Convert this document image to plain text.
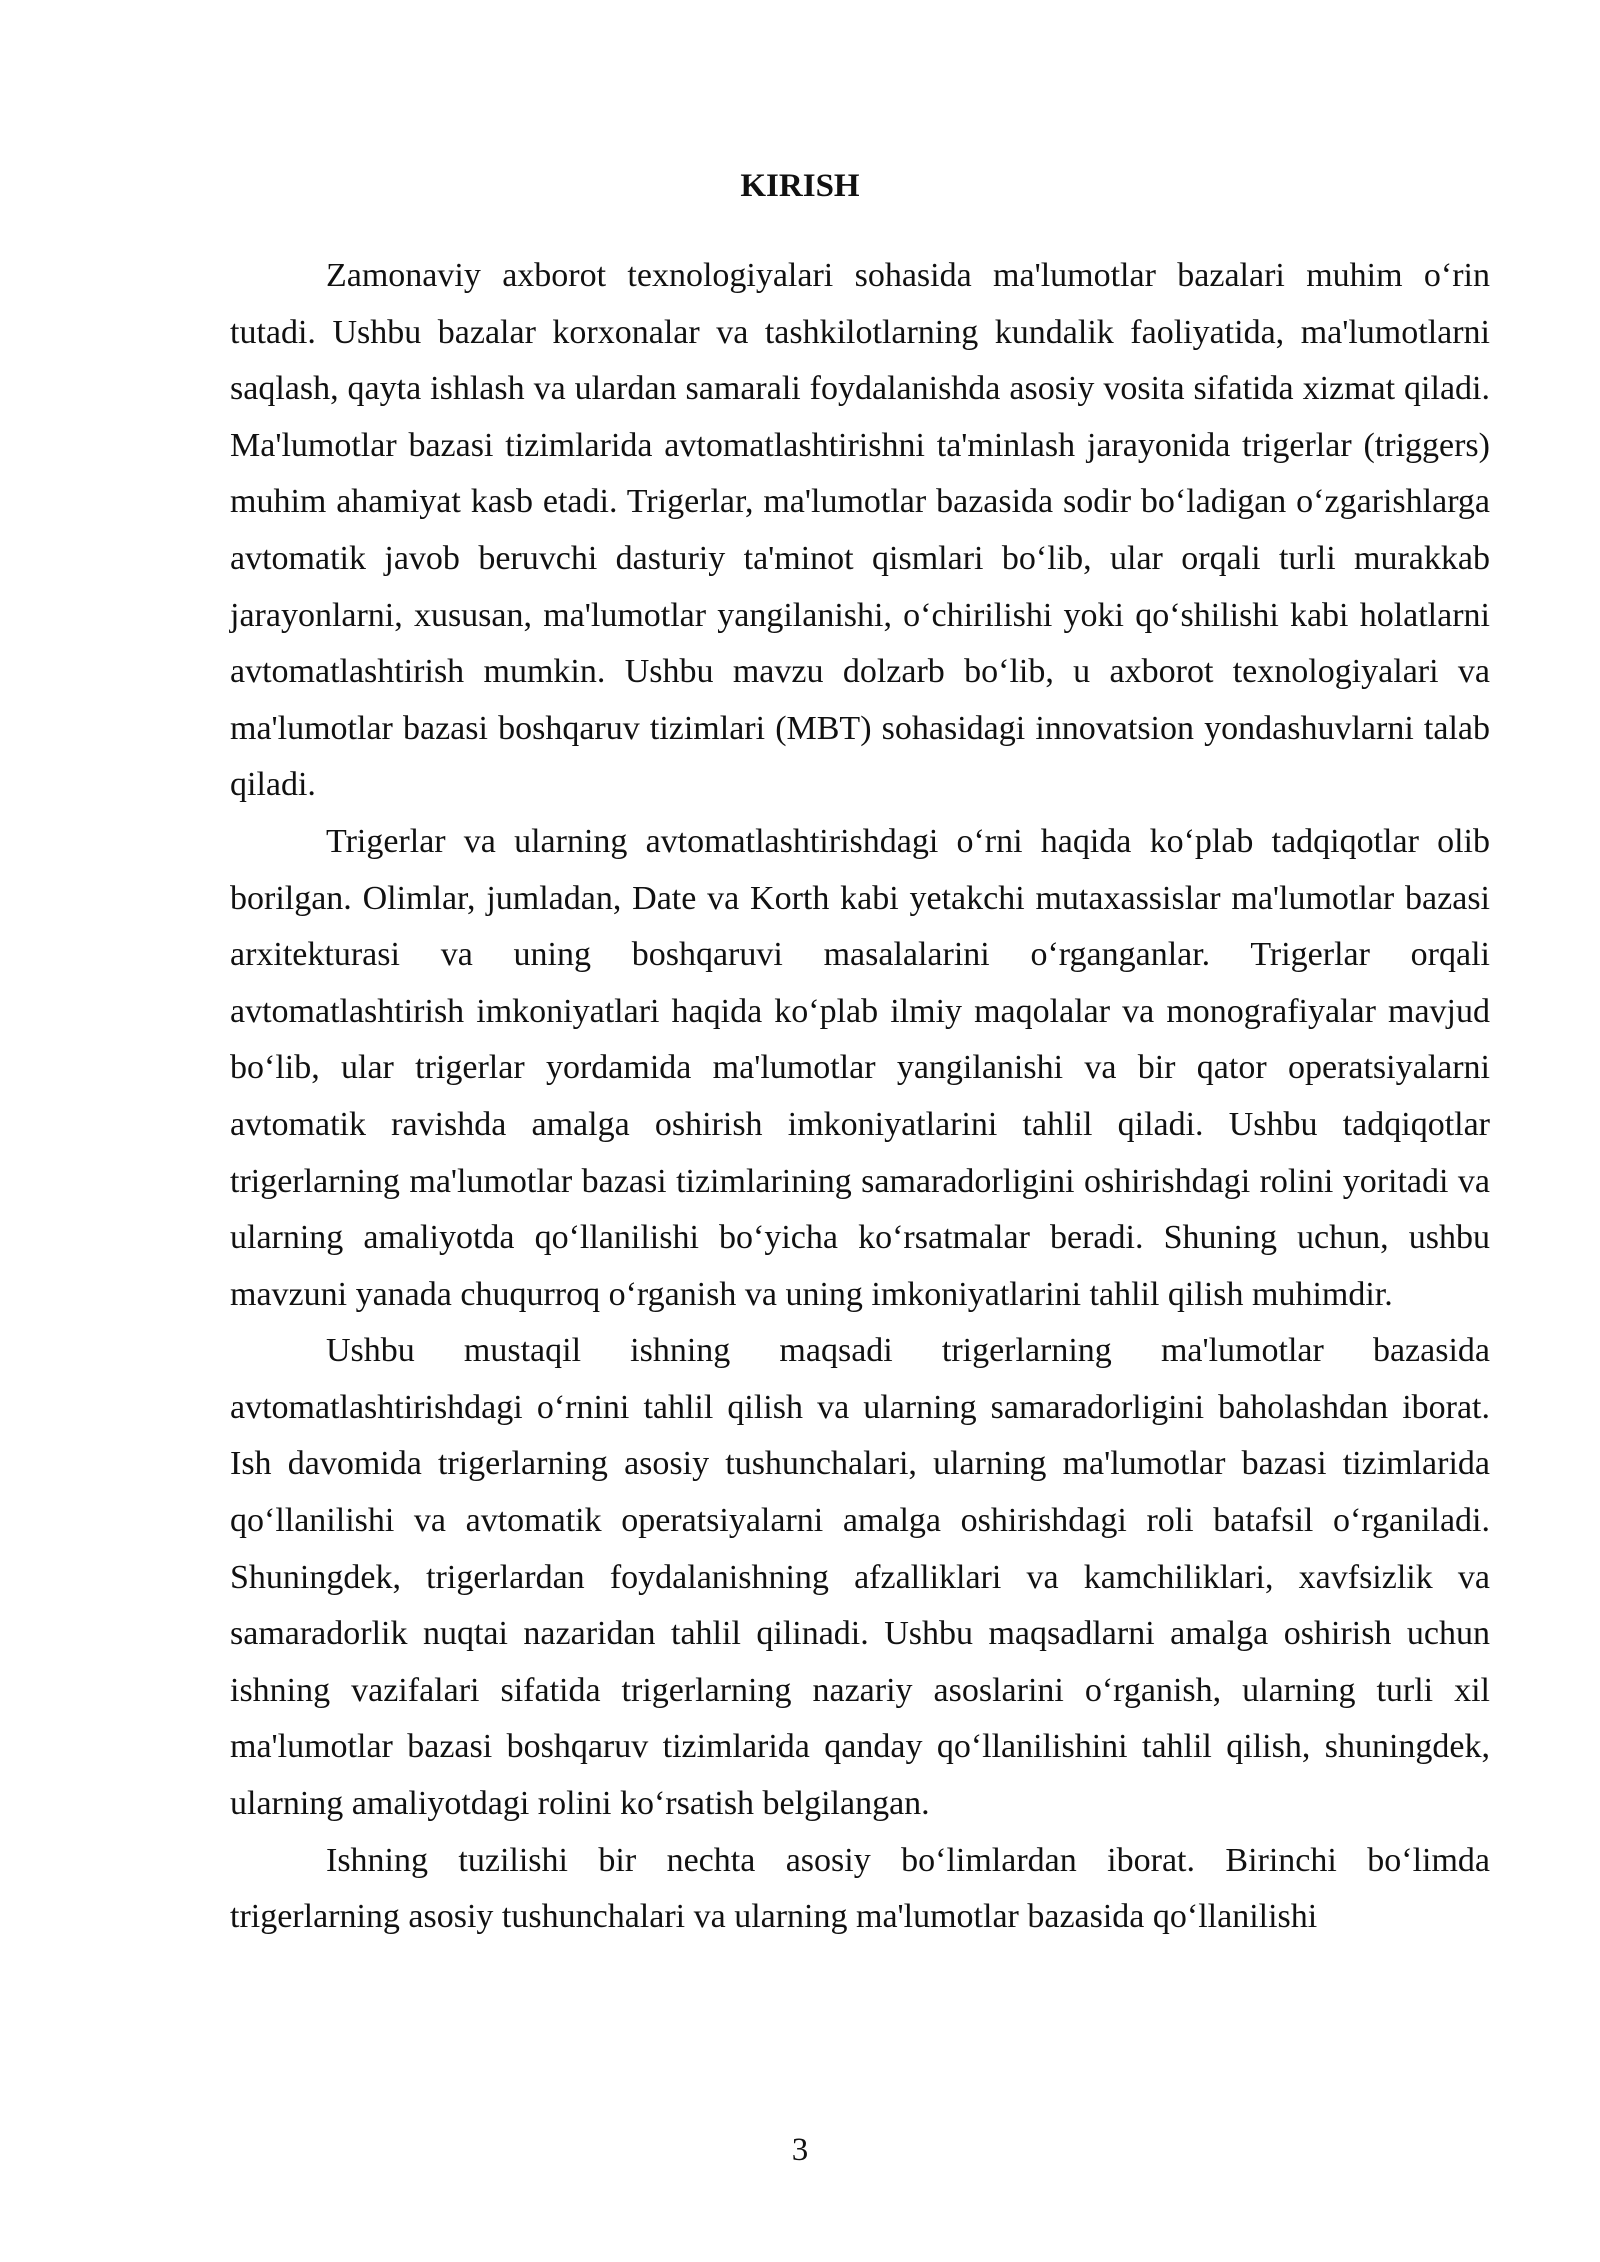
KIRISH

Zamonaviy axborot texnologiyalari sohasida ma'lumotlar bazalari muhim o‘rin tutadi. Ushbu bazalar korxonalar va tashkilotlarning kundalik faoliyatida, ma'lumotlarni saqlash, qayta ishlash va ulardan samarali foydalanishda asosiy vosita sifatida xizmat qiladi. Ma'lumotlar bazasi tizimlarida avtomatlashtirishni ta'minlash jarayonida trigerlar (triggers) muhim ahamiyat kasb etadi. Trigerlar, ma'lumotlar bazasida sodir bo‘ladigan o‘zgarishlarga avtomatik javob beruvchi dasturiy ta'minot qismlari bo‘lib, ular orqali turli murakkab jarayonlarni, xususan, ma'lumotlar yangilanishi, o‘chirilishi yoki qo‘shilishi kabi holatlarni avtomatlashtirish mumkin. Ushbu mavzu dolzarb bo‘lib, u axborot texnologiyalari va ma'lumotlar bazasi boshqaruv tizimlari (MBT) sohasidagi innovatsion yondashuvlarni talab qiladi.

Trigerlar va ularning avtomatlashtirishdagi o‘rni haqida ko‘plab tadqiqotlar olib borilgan. Olimlar, jumladan, Date va Korth kabi yetakchi mutaxassislar ma'lumotlar bazasi arxitekturasi va uning boshqaruvi masalalarini o‘rganganlar. Trigerlar orqali avtomatlashtirish imkoniyatlari haqida ko‘plab ilmiy maqolalar va monografiyalar mavjud bo‘lib, ular trigerlar yordamida ma'lumotlar yangilanishi va bir qator operatsiyalarni avtomatik ravishda amalga oshirish imkoniyatlarini tahlil qiladi. Ushbu tadqiqotlar trigerlarning ma'lumotlar bazasi tizimlarining samaradorligini oshirishdagi rolini yoritadi va ularning amaliyotda qo‘llanilishi bo‘yicha ko‘rsatmalar beradi. Shuning uchun, ushbu mavzuni yanada chuqurroq o‘rganish va uning imkoniyatlarini tahlil qilish muhimdir.

Ushbu mustaqil ishning maqsadi trigerlarning ma'lumotlar bazasida avtomatlashtirishdagi o‘rnini tahlil qilish va ularning samaradorligini baholashdan iborat. Ish davomida trigerlarning asosiy tushunchalari, ularning ma'lumotlar bazasi tizimlarida qo‘llanilishi va avtomatik operatsiyalarni amalga oshirishdagi roli batafsil o‘rganiladi. Shuningdek, trigerlardan foydalanishning afzalliklari va kamchiliklari, xavfsizlik va samaradorlik nuqtai nazaridan tahlil qilinadi. Ushbu maqsadlarni amalga oshirish uchun ishning vazifalari sifatida trigerlarning nazariy asoslarini o‘rganish, ularning turli xil ma'lumotlar bazasi boshqaruv tizimlarida qanday qo‘llanilishini tahlil qilish, shuningdek, ularning amaliyotdagi rolini ko‘rsatish belgilangan.

Ishning tuzilishi bir nechta asosiy bo‘limlardan iborat. Birinchi bo‘limda trigerlarning asosiy tushunchalari va ularning ma'lumotlar bazasida qo‘llanilishi

3
